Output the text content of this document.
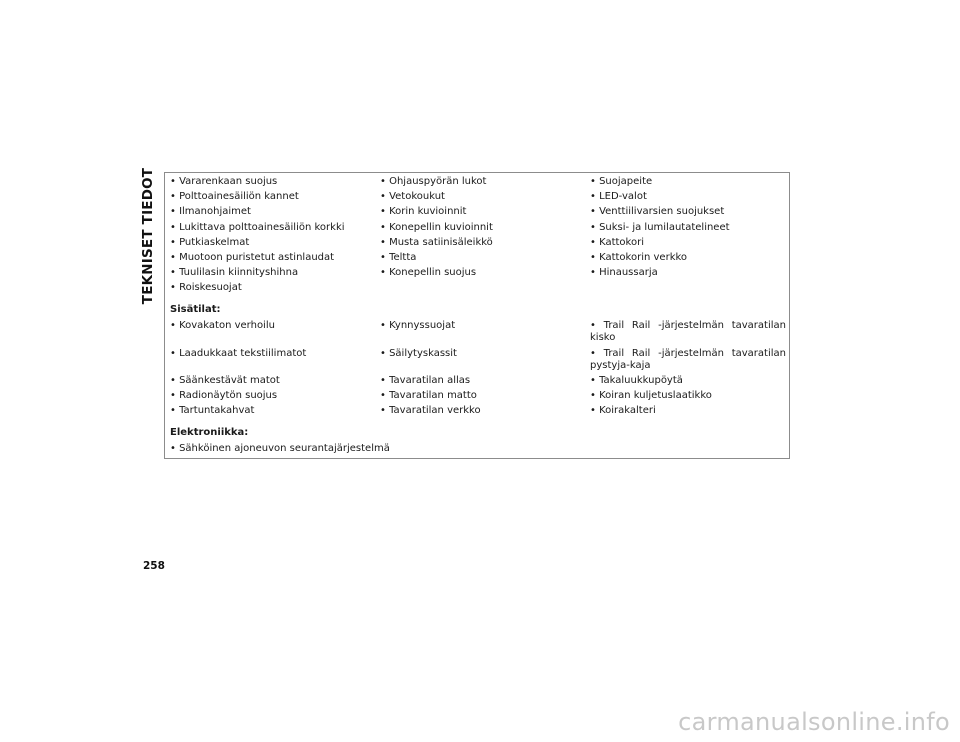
TEKNISET TIEDOT • Vararenkaan suojus	• Ohjauspyörän lukot	• Suojapeite
• Polttoainesäiliön kannet	• Vetokoukut	• LED-valot
• Ilmanohjaimet	• Korin kuvioinnit	• Venttiilivarsien suojukset
• Lukittava polttoainesäiliön korkki	• Konepellin kuvioinnit	• Suksi- ja lumilautatelineet
• Putkiaskelmat	• Musta satiinisäleikkö	• Kattokori
• Muotoon puristetut astinlaudat	• Teltta	• Kattokorin verkko
• Tuulilasin kiinnityshihna	• Konepellin suojus	• Hinaussarja
• Roiskesuojat
Sisätilat:
• Kovakaton verhoilu	• Kynnyssuojat	• Trail Rail -järjestelmän tavaratilan kisko
• Laadukkaat tekstiilimatot	• Säilytyskassit	• Trail Rail -järjestelmän tavaratilan pystyja-kaja
• Säänkestävät matot	• Tavaratilan allas	• Takaluukkupöytä
• Radionäytön suojus	• Tavaratilan matto	• Koiran kuljetuslaatikko
• Tartuntakahvat	• Tavaratilan verkko	• Koirakalteri
Elektroniikka:
• Sähköinen ajoneuvon seurantajärjestelmä
258
carmanualsonline.info
